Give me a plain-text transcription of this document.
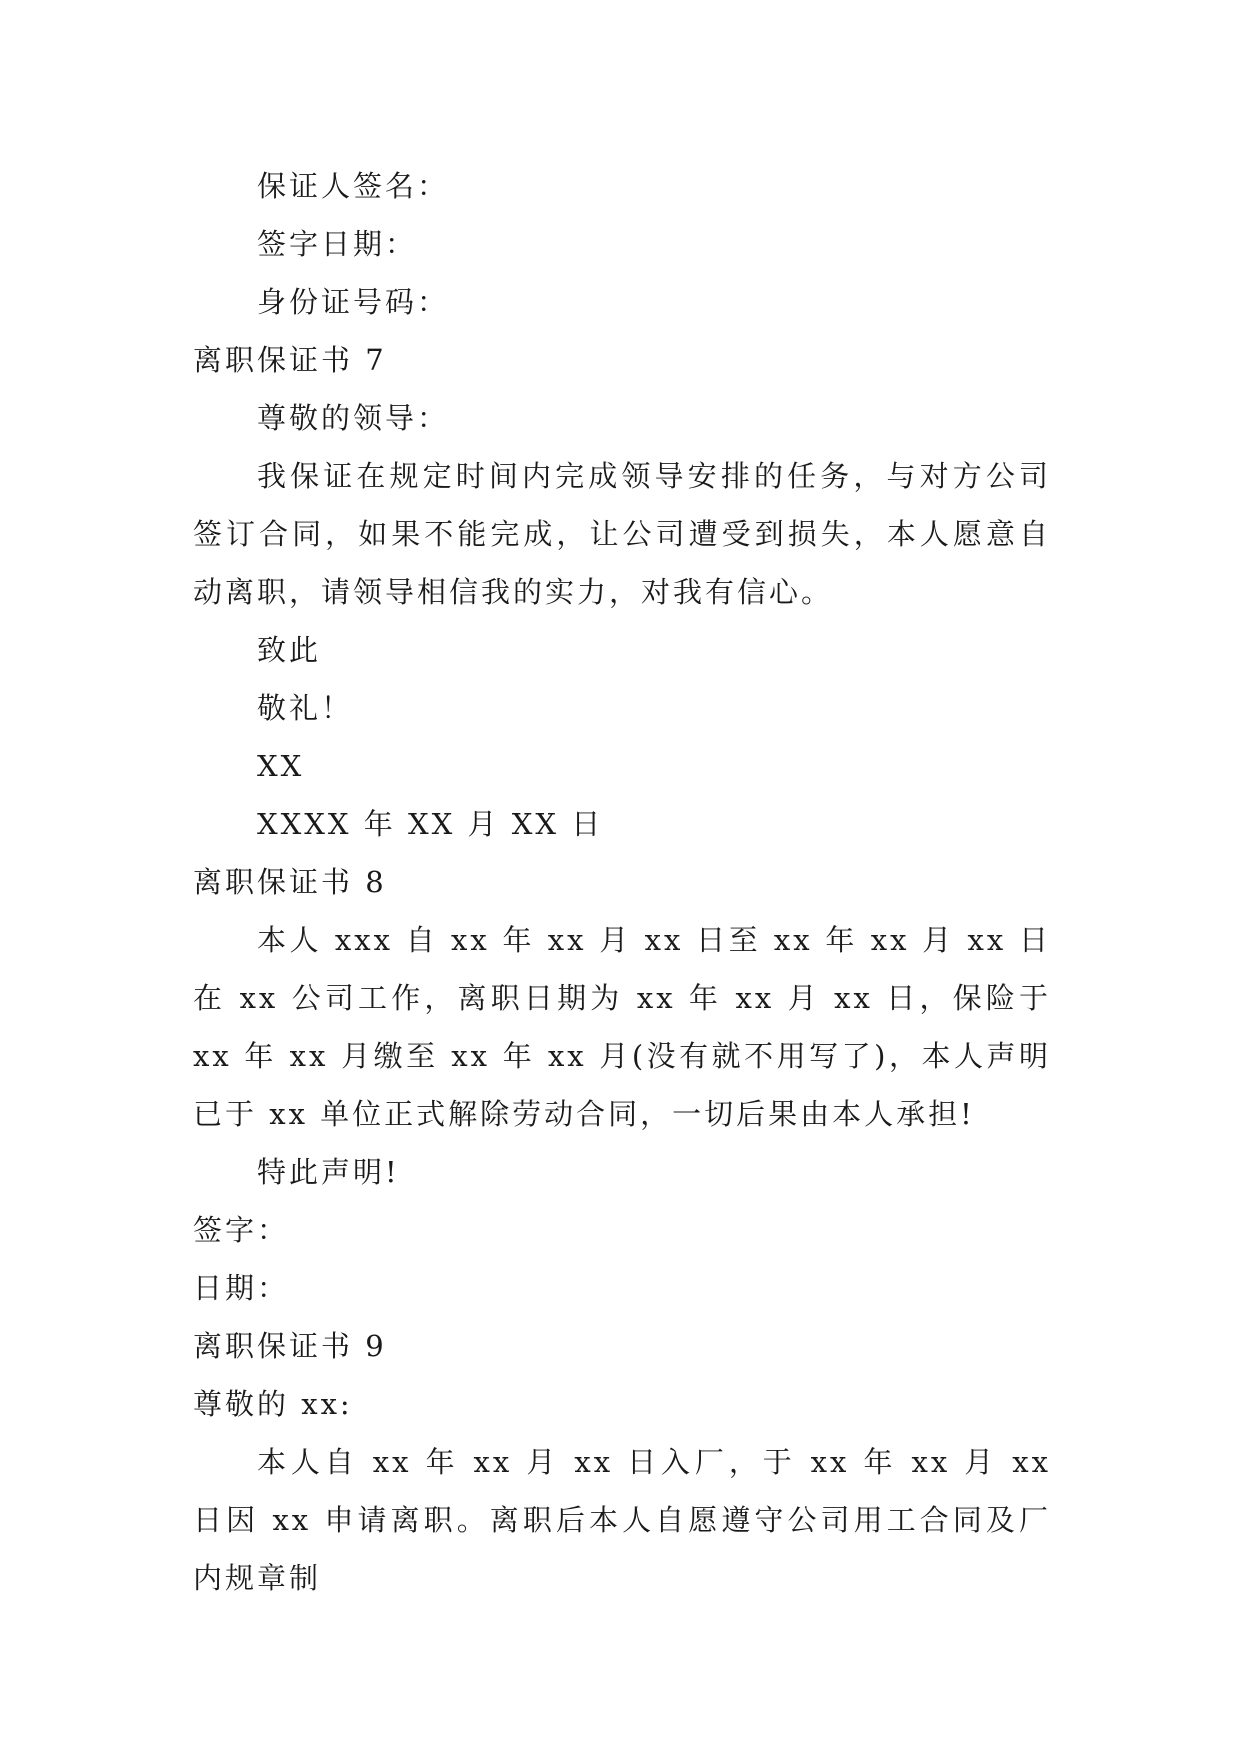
保证人签名：
签字日期：
身份证号码：
离职保证书 7
尊敬的领导：
我保证在规定时间内完成领导安排的任务，与对方公司签订合同，如果不能完成，让公司遭受到损失，本人愿意自动离职，请领导相信我的实力，对我有信心。
致此
敬礼！
XX
XXXX 年 XX 月 XX 日
离职保证书 8
本人 xxx 自 xx 年 xx 月 xx 日至 xx 年 xx 月 xx 日在 xx 公司工作，离职日期为 xx 年 xx 月 xx 日，保险于 xx 年 xx 月缴至 xx 年 xx 月(没有就不用写了)，本人声明已于 xx 单位正式解除劳动合同，一切后果由本人承担!
特此声明!
签字：
日期：
离职保证书 9
尊敬的 xx:
本人自 xx 年 xx 月 xx 日入厂，于 xx 年 xx 月 xx 日因 xx 申请离职。离职后本人自愿遵守公司用工合同及厂内规章制
